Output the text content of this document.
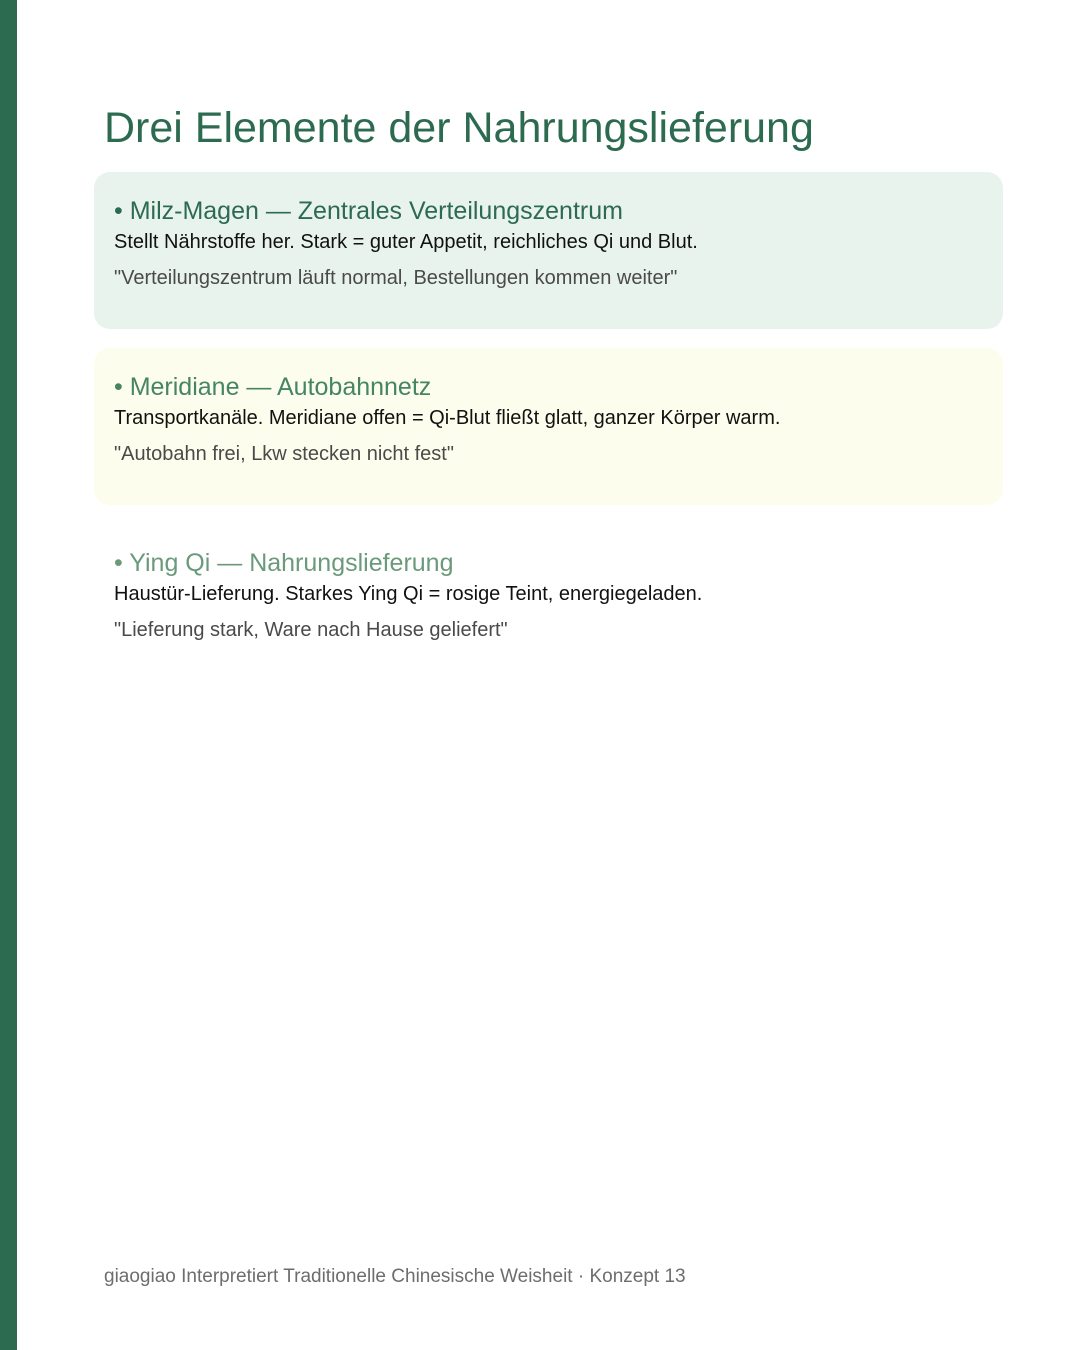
Drei Elemente der Nahrungslieferung
• Milz-Magen — Zentrales Verteilungszentrum

Stellt Nährstoffe her. Stark = guter Appetit, reichliches Qi und Blut.

"Verteilungszentrum läuft normal, Bestellungen kommen weiter"

• Meridiane — Autobahnnetz

Transportkanäle. Meridiane offen = Qi-Blut fließt glatt, ganzer Körper warm.

"Autobahn frei, Lkw stecken nicht fest"

• Ying Qi — Nahrungslieferung

Haustür-Lieferung. Starkes Ying Qi = rosige Teint, energiegeladen.

"Lieferung stark, Ware nach Hause geliefert"

giaogiao Interpretiert Traditionelle Chinesische Weisheit · Konzept 13
